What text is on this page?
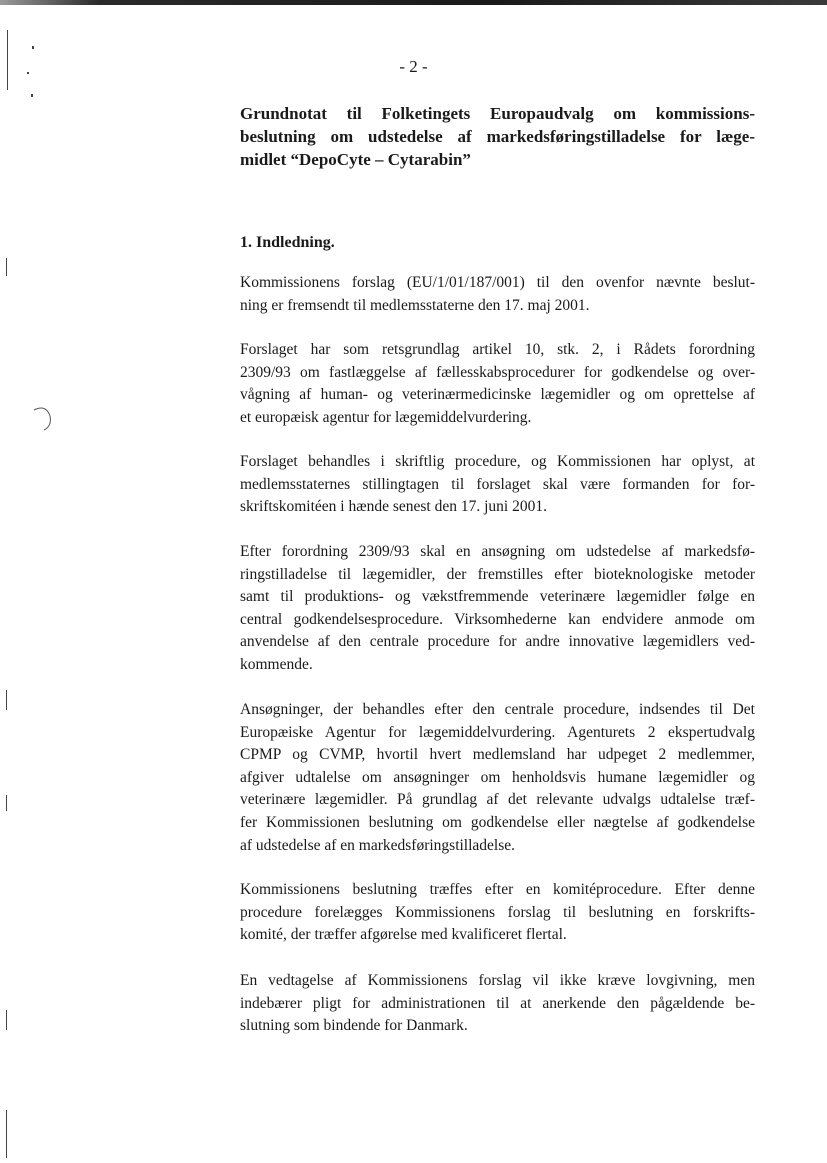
- 2 -
Grundnotat til Folketingets Europaudvalg om kommissions-
beslutning om udstedelse af markedsføringstilladelse for læge-
midlet “DepoCyte – Cytarabin”
1. Indledning.
Kommissionens forslag (EU/1/01/187/001) til den ovenfor nævnte beslut-
ning er fremsendt til medlemsstaterne den 17. maj 2001.
Forslaget har som retsgrundlag artikel 10, stk. 2, i Rådets forordning
2309/93 om fastlæggelse af fællesskabsprocedurer for godkendelse og over-
vågning af human- og veterinærmedicinske lægemidler og om oprettelse af
et europæisk agentur for lægemiddelvurdering.
Forslaget behandles i skriftlig procedure, og Kommissionen har oplyst, at
medlemsstaternes stillingtagen til forslaget skal være formanden for for-
skriftskomitéen i hænde senest den 17. juni 2001.
Efter forordning 2309/93 skal en ansøgning om udstedelse af markedsfø-
ringstilladelse til lægemidler, der fremstilles efter bioteknologiske metoder
samt til produktions- og vækstfremmende veterinære lægemidler følge en
central godkendelsesprocedure. Virksomhederne kan endvidere anmode om
anvendelse af den centrale procedure for andre innovative lægemidlers ved-
kommende.
Ansøgninger, der behandles efter den centrale procedure, indsendes til Det
Europæiske Agentur for lægemiddelvurdering. Agenturets 2 ekspertudvalg
CPMP og CVMP, hvortil hvert medlemsland har udpeget 2 medlemmer,
afgiver udtalelse om ansøgninger om henholdsvis humane lægemidler og
veterinære lægemidler. På grundlag af det relevante udvalgs udtalelse træf-
fer Kommissionen beslutning om godkendelse eller nægtelse af godkendelse
af udstedelse af en markedsføringstilladelse.
Kommissionens beslutning træffes efter en komitéprocedure. Efter denne
procedure forelægges Kommissionens forslag til beslutning en forskrifts-
komité, der træffer afgørelse med kvalificeret flertal.
En vedtagelse af Kommissionens forslag vil ikke kræve lovgivning, men
indebærer pligt for administrationen til at anerkende den pågældende be-
slutning som bindende for Danmark.
